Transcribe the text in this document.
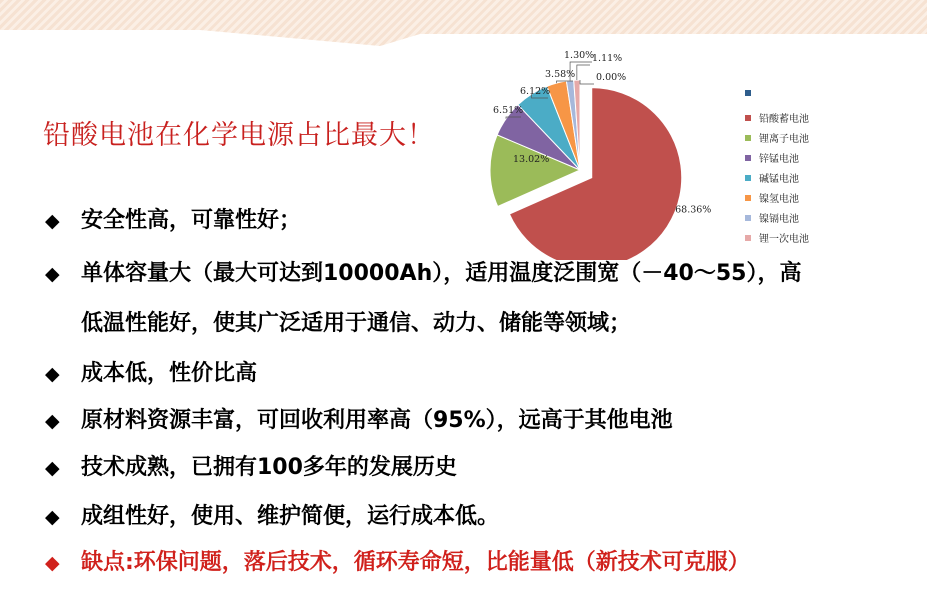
铅酸电池在化学电源占比最大！
0.00%
68.36%
13.02%
6.51%
6.12%
3.58%
1.30%
1.11%
铅酸蓄电池
锂离子电池
锌锰电池
碱锰电池
镍氢电池
镍镉电池
锂一次电池
◆ 安全性高，可靠性好；
◆ 单体容量大（最大可达到10000Ah），适用温度泛围宽（－40～55），高
低温性能好，使其广泛适用于通信、动力、储能等领域；
◆ 成本低，性价比高
◆ 原材料资源丰富，可回收利用率高（95%），远高于其他电池
◆ 技术成熟，已拥有100多年的发展历史
◆ 成组性好，使用、维护简便，运行成本低。
◆ 缺点:环保问题，落后技术，循环寿命短，比能量低（新技术可克服）
